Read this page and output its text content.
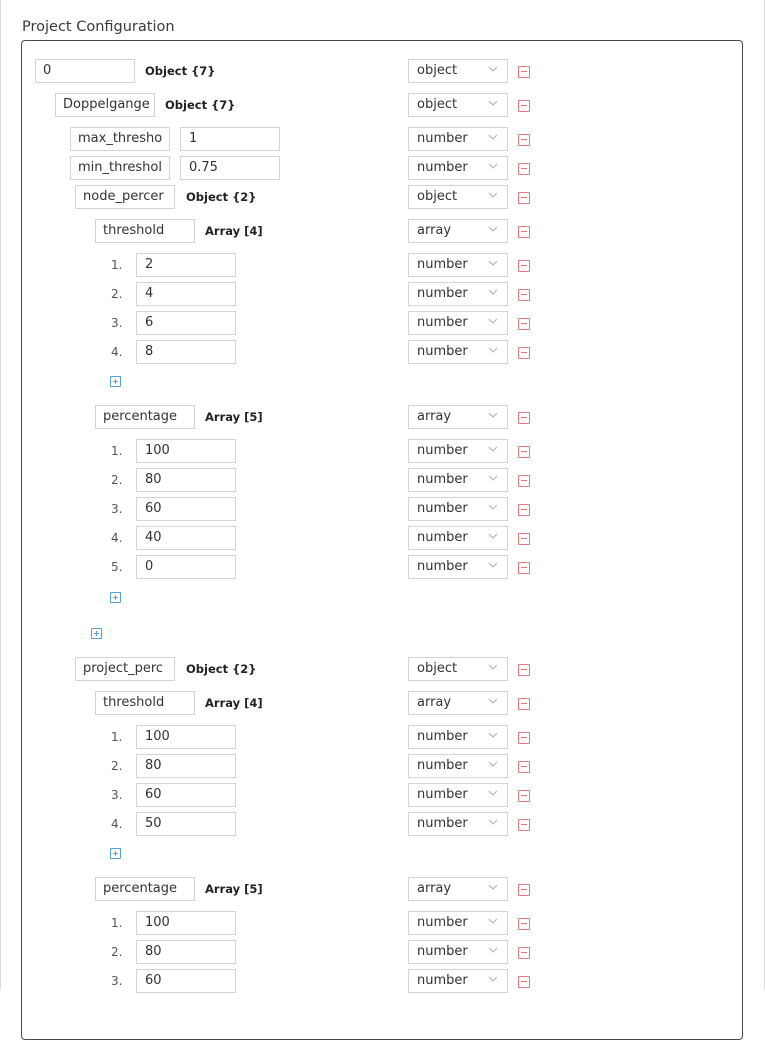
Project Configuration
0	Object {7}	object
Doppelgange	Object {7}	object
max_thresho	1	number
min_threshol	0.75	number
node_percer	Object {2}	object
threshold	Array [4]	array
1.	2	number
2.	4	number
3.	6	number
4.	8	number
percentage	Array [5]	array
1.	100	number
2.	80	number
3.	60	number
4.	40	number
5.	0	number
project_perc	Object {2}	object
threshold	Array [4]	array
1.	100	number
2.	80	number
3.	60	number
4.	50	number
percentage	Array [5]	array
1.	100	number
2.	80	number
3.	60	number
